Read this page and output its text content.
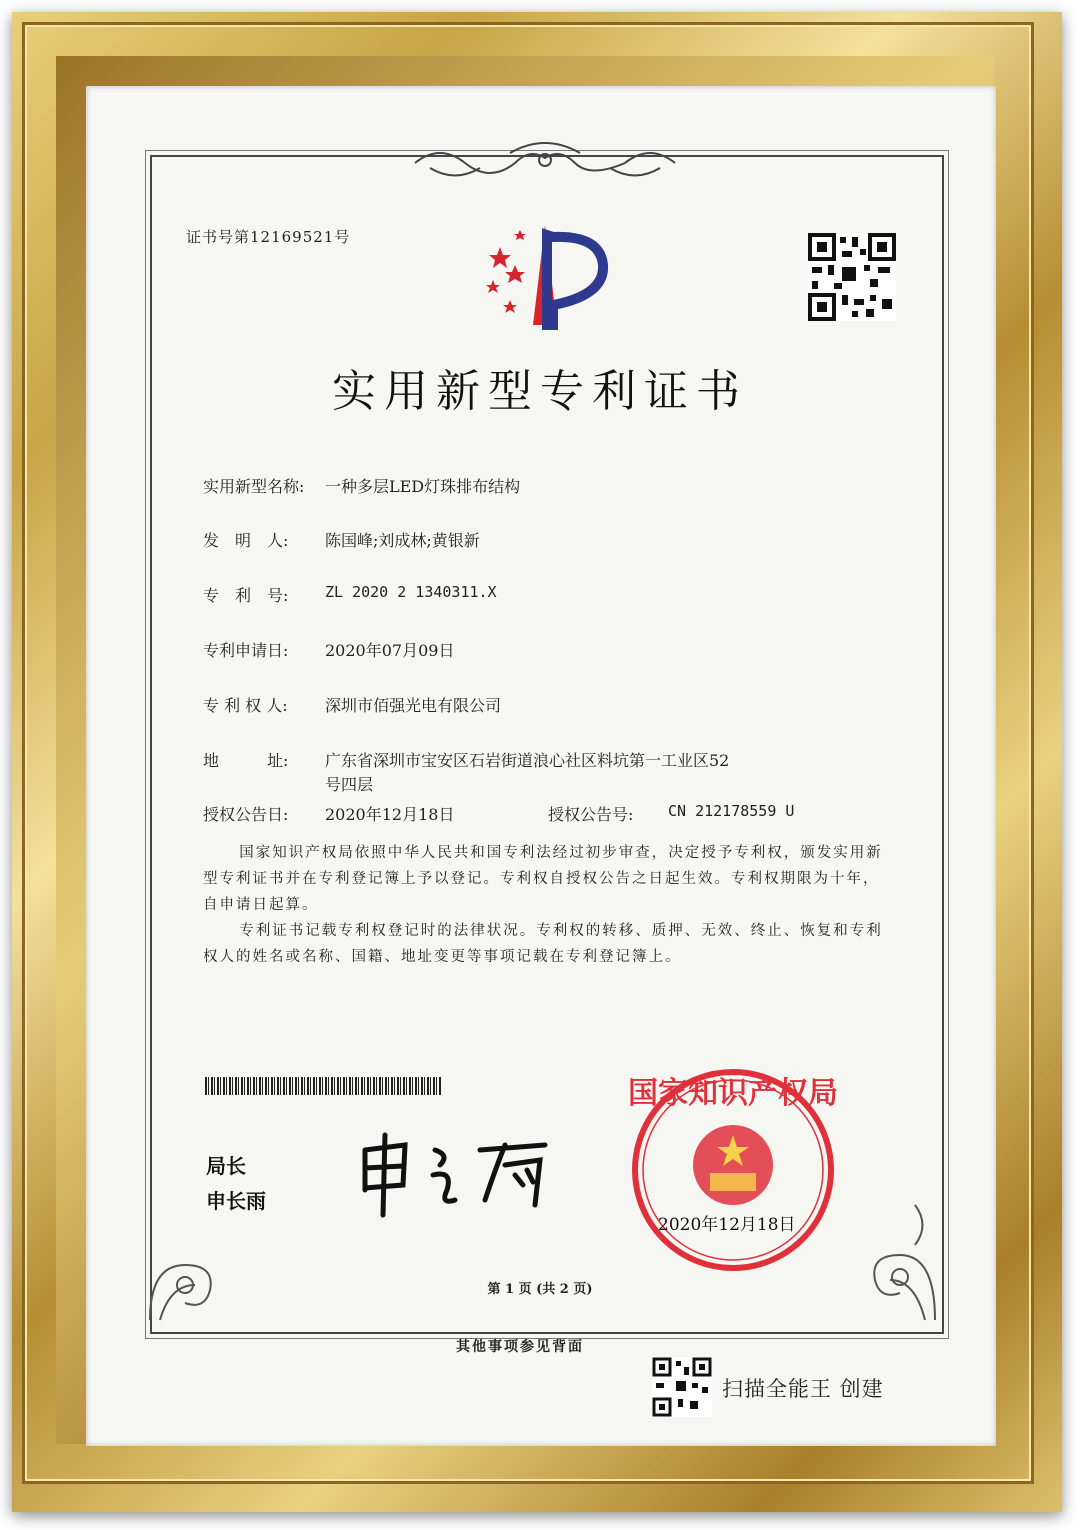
证书号第12169521号
实用新型专利证书
实用新型名称: 一种多层LED灯珠排布结构
发　明　人: 陈国峰;刘成林;黄银新
专　利　号: ZL 2020 2 1340311.X
专利申请日: 2020年07月09日
专 利 权 人: 深圳市佰强光电有限公司
地　　　址: 广东省深圳市宝安区石岩街道浪心社区料坑第一工业区52
号四层
授权公告日: 2020年12月18日	授权公告号: CN 212178559 U
国家知识产权局依照中华人民共和国专利法经过初步审查，决定授予专利权，颁发实用新型专利证书并在专利登记簿上予以登记。专利权自授权公告之日起生效。专利权期限为十年，自申请日起算。
专利证书记载专利权登记时的法律状况。专利权的转移、质押、无效、终止、恢复和专利权人的姓名或名称、国籍、地址变更等事项记载在专利登记簿上。
局长
申长雨
国家知识产权局
2020年12月18日
第 1 页 (共 2 页)
其他事项参见背面
扫描全能王 创建
